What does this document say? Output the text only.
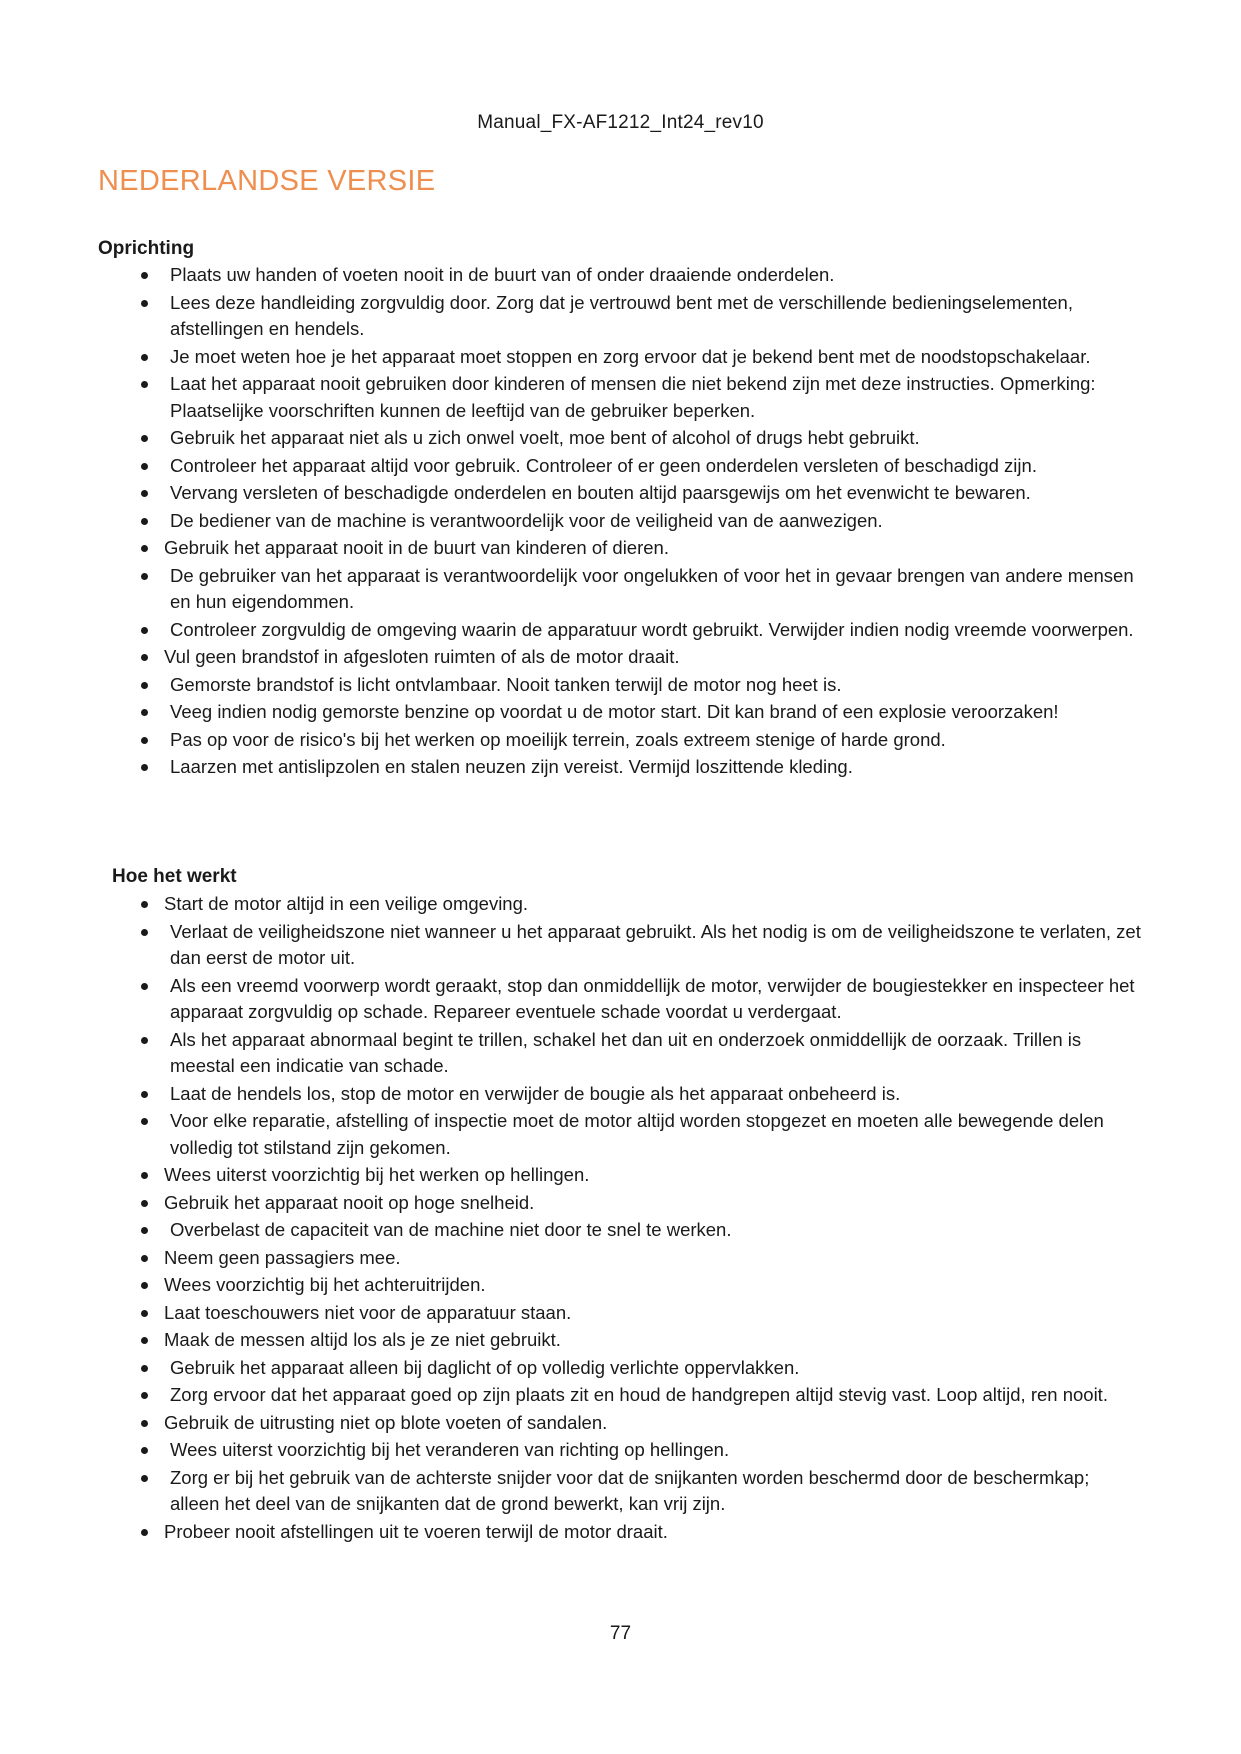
Manual_FX-AF1212_Int24_rev10
NEDERLANDSE VERSIE
Oprichting
Plaats uw handen of voeten nooit in de buurt van of onder draaiende onderdelen.
Lees deze handleiding zorgvuldig door. Zorg dat je vertrouwd bent met de verschillende bedieningselementen, afstellingen en hendels.
Je moet weten hoe je het apparaat moet stoppen en zorg ervoor dat je bekend bent met de noodstopschakelaar.
Laat het apparaat nooit gebruiken door kinderen of mensen die niet bekend zijn met deze instructies. Opmerking: Plaatselijke voorschriften kunnen de leeftijd van de gebruiker beperken.
Gebruik het apparaat niet als u zich onwel voelt, moe bent of alcohol of drugs hebt gebruikt.
Controleer het apparaat altijd voor gebruik. Controleer of er geen onderdelen versleten of beschadigd zijn.
Vervang versleten of beschadigde onderdelen en bouten altijd paarsgewijs om het evenwicht te bewaren.
De bediener van de machine is verantwoordelijk voor de veiligheid van de aanwezigen.
Gebruik het apparaat nooit in de buurt van kinderen of dieren.
De gebruiker van het apparaat is verantwoordelijk voor ongelukken of voor het in gevaar brengen van andere mensen en hun eigendommen.
Controleer zorgvuldig de omgeving waarin de apparatuur wordt gebruikt. Verwijder indien nodig vreemde voorwerpen.
Vul geen brandstof in afgesloten ruimten of als de motor draait.
Gemorste brandstof is licht ontvlambaar. Nooit tanken terwijl de motor nog heet is.
Veeg indien nodig gemorste benzine op voordat u de motor start. Dit kan brand of een explosie veroorzaken!
Pas op voor de risico's bij het werken op moeilijk terrein, zoals extreem stenige of harde grond.
Laarzen met antislipzolen en stalen neuzen zijn vereist. Vermijd loszittende kleding.
Hoe het werkt
Start de motor altijd in een veilige omgeving.
Verlaat de veiligheidszone niet wanneer u het apparaat gebruikt. Als het nodig is om de veiligheidszone te verlaten, zet dan eerst de motor uit.
Als een vreemd voorwerp wordt geraakt, stop dan onmiddellijk de motor, verwijder de bougiestekker en inspecteer het apparaat zorgvuldig op schade. Repareer eventuele schade voordat u verdergaat.
Als het apparaat abnormaal begint te trillen, schakel het dan uit en onderzoek onmiddellijk de oorzaak. Trillen is meestal een indicatie van schade.
Laat de hendels los, stop de motor en verwijder de bougie als het apparaat onbeheerd is.
Voor elke reparatie, afstelling of inspectie moet de motor altijd worden stopgezet en moeten alle bewegende delen volledig tot stilstand zijn gekomen.
Wees uiterst voorzichtig bij het werken op hellingen.
Gebruik het apparaat nooit op hoge snelheid.
Overbelast de capaciteit van de machine niet door te snel te werken.
Neem geen passagiers mee.
Wees voorzichtig bij het achteruitrijden.
Laat toeschouwers niet voor de apparatuur staan.
Maak de messen altijd los als je ze niet gebruikt.
Gebruik het apparaat alleen bij daglicht of op volledig verlichte oppervlakken.
Zorg ervoor dat het apparaat goed op zijn plaats zit en houd de handgrepen altijd stevig vast. Loop altijd, ren nooit.
Gebruik de uitrusting niet op blote voeten of sandalen.
Wees uiterst voorzichtig bij het veranderen van richting op hellingen.
Zorg er bij het gebruik van de achterste snijder voor dat de snijkanten worden beschermd door de beschermkap; alleen het deel van de snijkanten dat de grond bewerkt, kan vrij zijn.
Probeer nooit afstellingen uit te voeren terwijl de motor draait.
77
